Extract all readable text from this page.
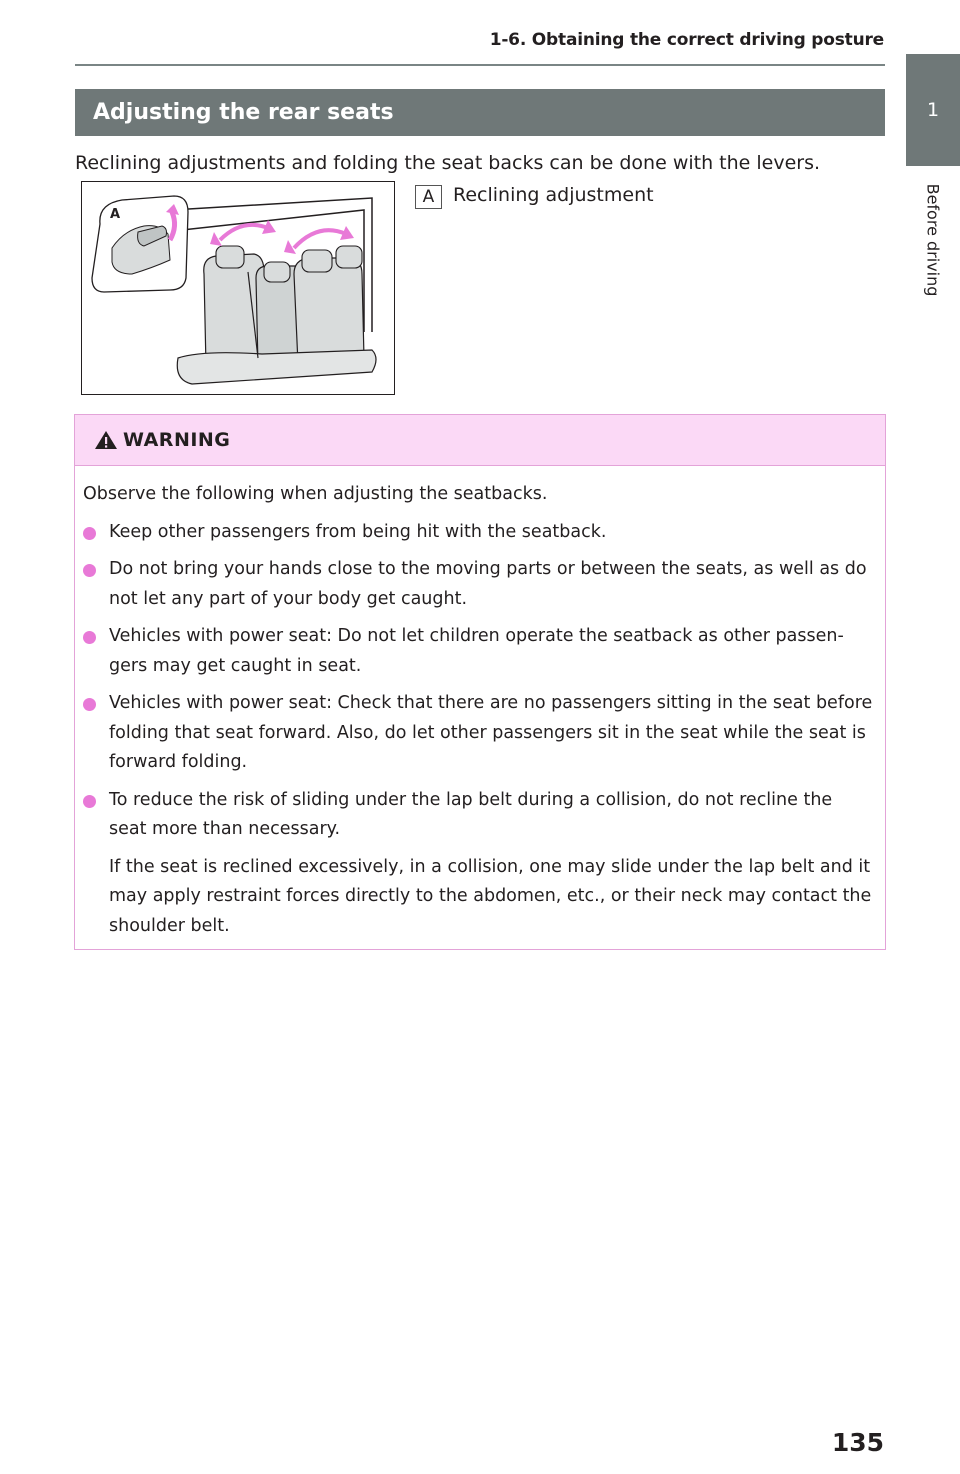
1-6. Obtaining the correct driving posture
1
Before driving
Adjusting the rear seats
Reclining adjustments and folding the seat backs can be done with the levers.
A
A Reclining adjustment
WARNING

Observe the following when adjusting the seatbacks.

Keep other passengers from being hit with the seatback.
Do not bring your hands close to the moving parts or between the seats, as well as do not let any part of your body get caught.
Vehicles with power seat: Do not let children operate the seatback as other passen-gers may get caught in seat.
Vehicles with power seat: Check that there are no passengers sitting in the seat before folding that seat forward. Also, do let other passengers sit in the seat while the seat is forward folding.
To reduce the risk of sliding under the lap belt during a collision, do not recline the seat more than necessary.

If the seat is reclined excessively, in a collision, one may slide under the lap belt and it may apply restraint forces directly to the abdomen, etc., or their neck may contact the shoulder belt.

135
